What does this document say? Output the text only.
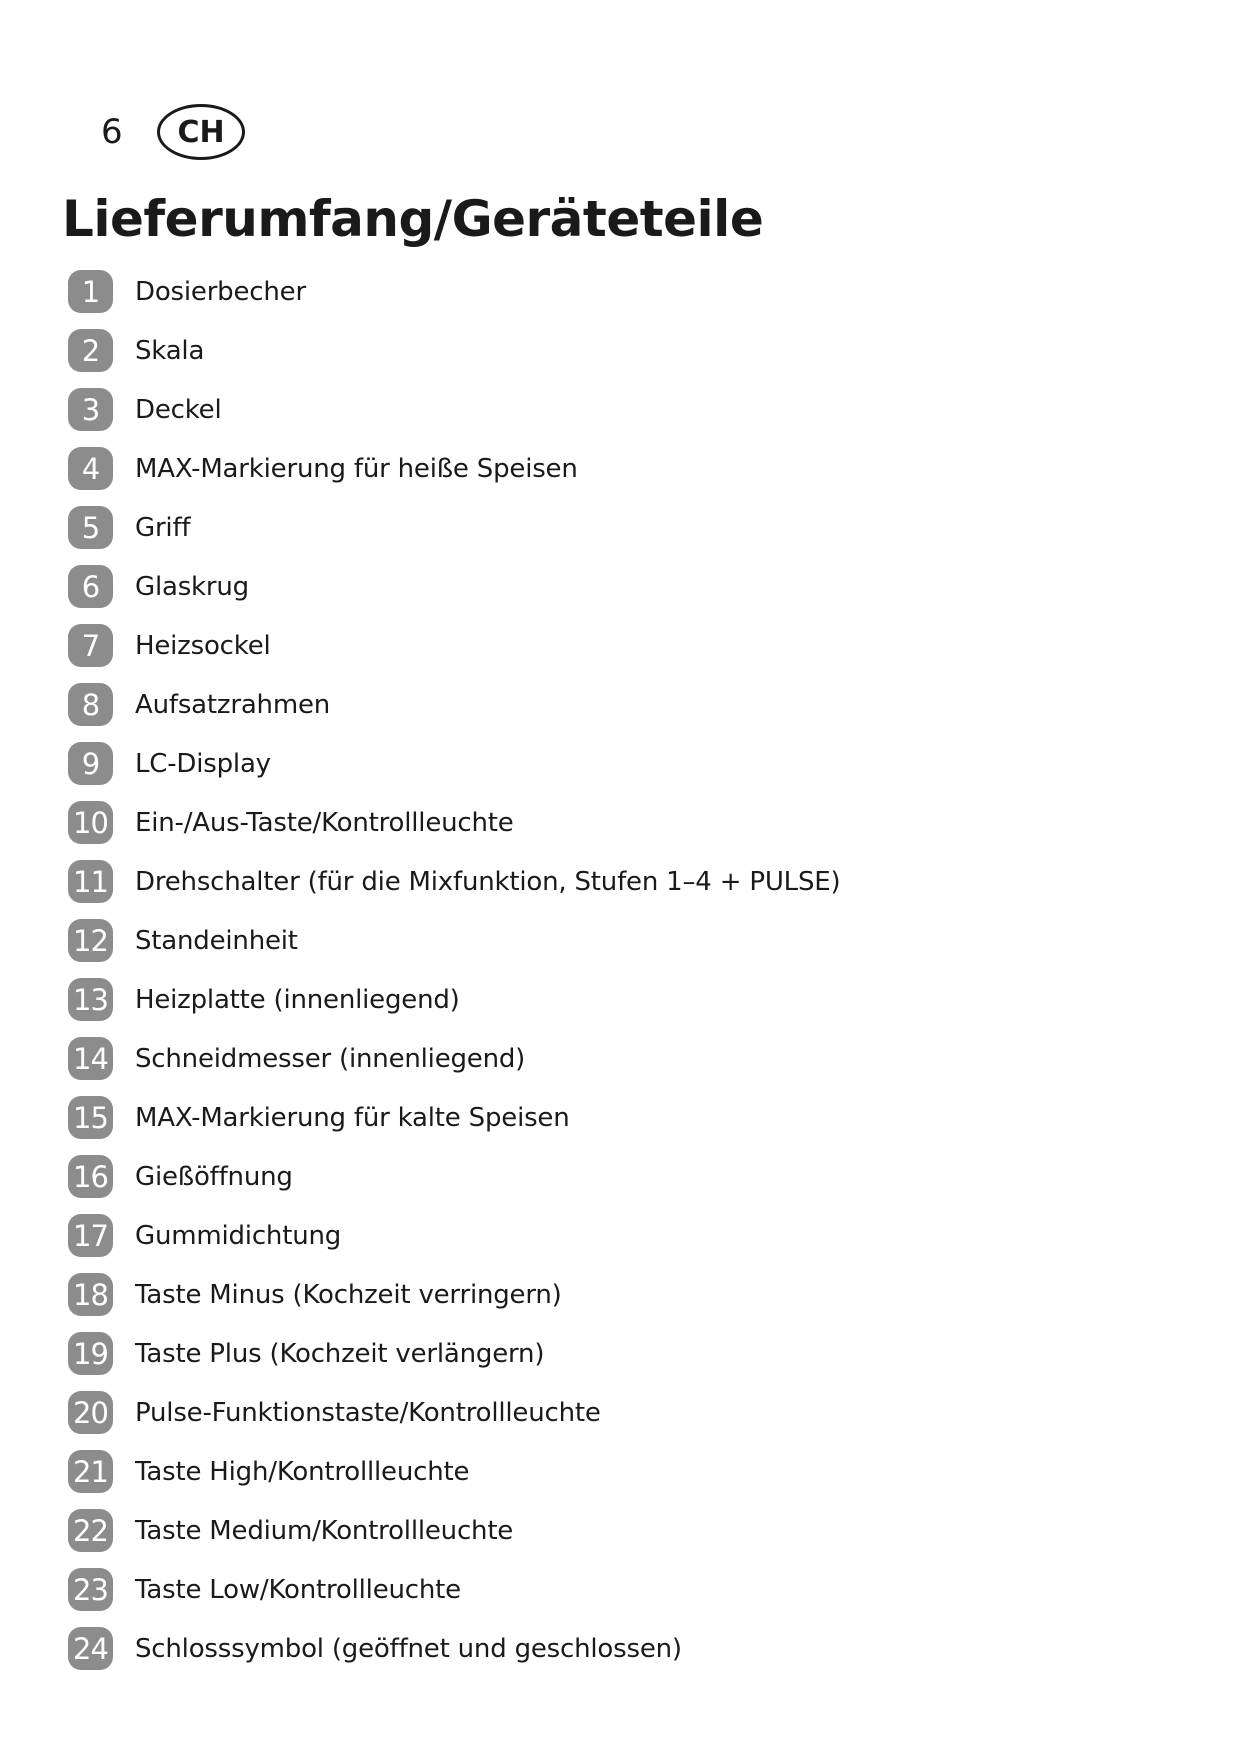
6	CH
Lieferumfang/Geräteteile
1	Dosierbecher
2	Skala
3	Deckel
4	MAX-Markierung für heiße Speisen
5	Griff
6	Glaskrug
7	Heizsockel
8	Aufsatzrahmen
9	LC-Display
10 Ein-/Aus-Taste/Kontrollleuchte
11 Drehschalter (für die Mixfunktion, Stufen 1–4 + PULSE)
12 Standeinheit
13 Heizplatte (innenliegend)
14 Schneidmesser (innenliegend)
15 MAX-Markierung für kalte Speisen
16 Gießöffnung
17 Gummidichtung
18 Taste Minus (Kochzeit verringern)
19 Taste Plus (Kochzeit verlängern)
20 Pulse-Funktionstaste/Kontrollleuchte
21 Taste High/Kontrollleuchte
22 Taste Medium/Kontrollleuchte
23 Taste Low/Kontrollleuchte
24 Schlosssymbol (geöffnet und geschlossen)
